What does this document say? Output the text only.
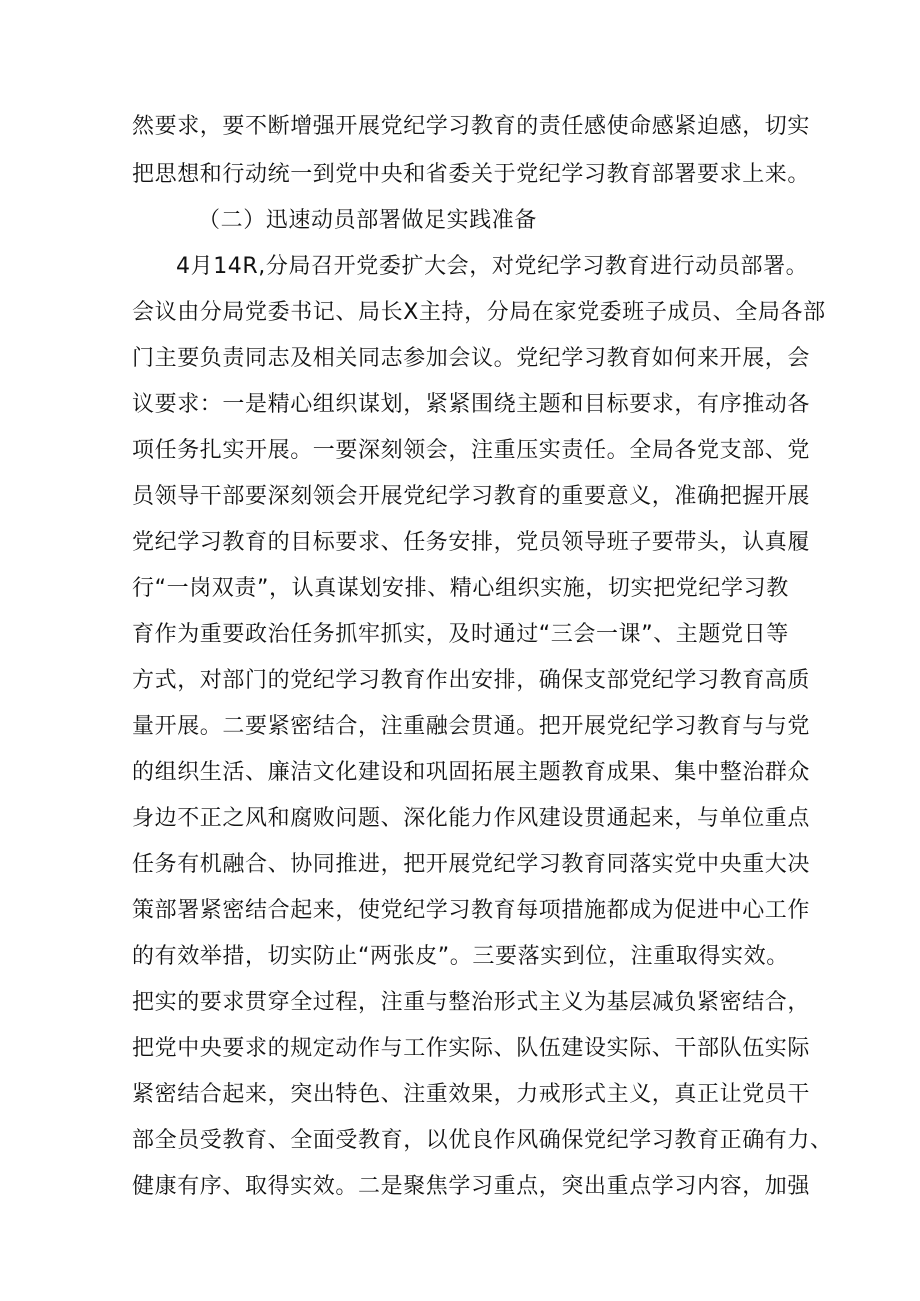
然要求，要不断增强开展党纪学习教育的责任感使命感紧迫感，切实
把思想和行动统一到党中央和省委关于党纪学习教育部署要求上来。
（二）迅速动员部署做足实践准备
4月14R,分局召开党委扩大会，对党纪学习教育进行动员部署。
会议由分局党委书记、局长X主持，分局在家党委班子成员、全局各部
门主要负责同志及相关同志参加会议。党纪学习教育如何来开展，会
议要求：一是精心组织谋划，紧紧围绕主题和目标要求，有序推动各
项任务扎实开展。一要深刻领会，注重压实责任。全局各党支部、党
员领导干部要深刻领会开展党纪学习教育的重要意义，准确把握开展
党纪学习教育的目标要求、任务安排，党员领导班子要带头，认真履
行“一岗双责”，认真谋划安排、精心组织实施，切实把党纪学习教
育作为重要政治任务抓牢抓实，及时通过“三会一课”、主题党日等
方式，对部门的党纪学习教育作出安排，确保支部党纪学习教育高质
量开展。二要紧密结合，注重融会贯通。把开展党纪学习教育与与党
的组织生活、廉洁文化建设和巩固拓展主题教育成果、集中整治群众
身边不正之风和腐败问题、深化能力作风建设贯通起来，与单位重点
任务有机融合、协同推进，把开展党纪学习教育同落实党中央重大决
策部署紧密结合起来，使党纪学习教育每项措施都成为促进中心工作
的有效举措，切实防止“两张皮”。三要落实到位，注重取得实效。
把实的要求贯穿全过程，注重与整治形式主义为基层减负紧密结合，
把党中央要求的规定动作与工作实际、队伍建设实际、干部队伍实际
紧密结合起来，突出特色、注重效果，力戒形式主义，真正让党员干
部全员受教育、全面受教育，以优良作风确保党纪学习教育正确有力、
健康有序、取得实效。二是聚焦学习重点，突出重点学习内容，加强
